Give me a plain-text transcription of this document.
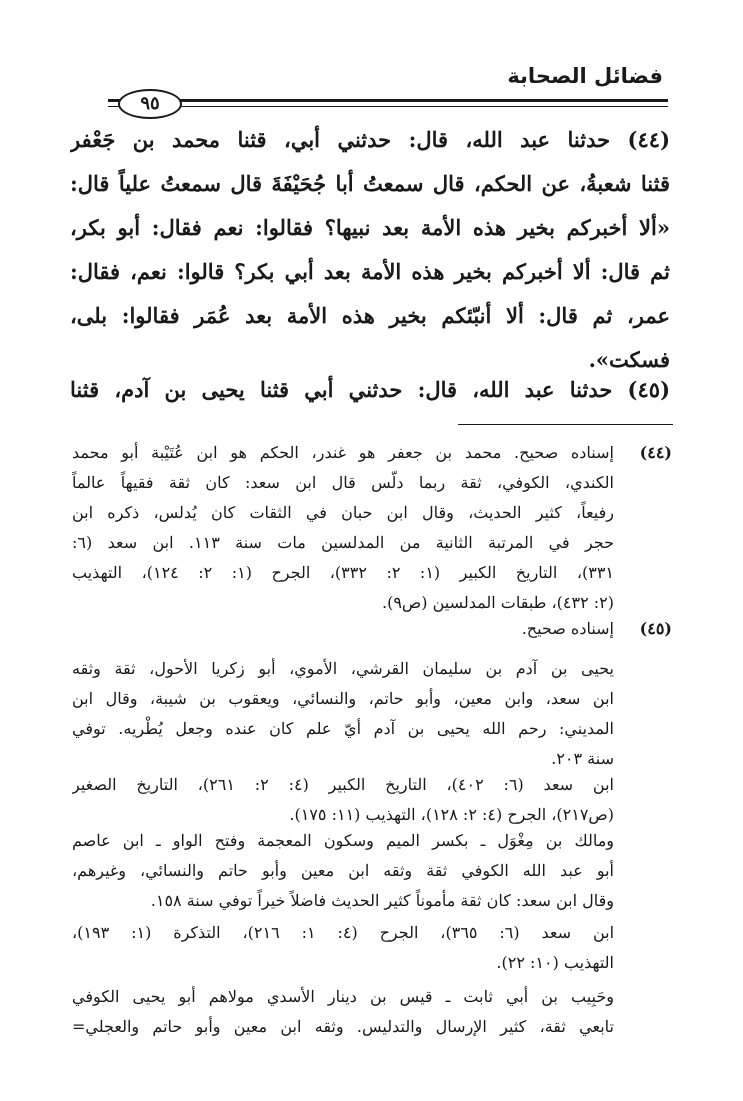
فضائل الصحابة
٩٥
(٤٤) حدثنا عبد الله، قال: حدثني أبي، قثنا محمد بن جَعْفر
قثنا شعبةُ، عن الحكم، قال سمعتُ أبا جُحَيْفَةَ قال سمعتُ علياً قال:
«ألا أخبركم بخير هذه الأمة بعد نبيها؟ فقالوا: نعم فقال: أبو بكر،
ثم قال: ألا أخبركم بخير هذه الأمة بعد أبي بكر؟ قالوا: نعم، فقال:
عمر، ثم قال: ألا أنبّئكم بخير هذه الأمة بعد عُمَر فقالوا: بلى،
فسكت».
(٤٥) حدثنا عبد الله، قال: حدثني أبي قثنا يحيى بن آدم، قثنا
(٤٤)
إسناده صحيح. محمد بن جعفر هو غندر، الحكم هو ابن عُتَيْبة أبو محمد
الكندي، الكوفي، ثقة ربما دلّس قال ابن سعد: كان ثقة فقيهاً عالماً
رفيعاً، كثير الحديث، وقال ابن حبان في الثقات كان يُدلس، ذكره ابن
حجر في المرتبة الثانية من المدلسين مات سنة ١١٣. ابن سعد (٦:
٣٣١)، التاريخ الكبير (١: ٢: ٣٣٢)، الجرح (١: ٢: ١٢٤)، التهذيب
(٢: ٤٣٢)، طبقات المدلسين (ص٩).
(٤٥)
إسناده صحيح.
يحيى بن آدم بن سليمان القرشي، الأموي، أبو زكريا الأحول، ثقة وثقه
ابن سعد، وابن معين، وأبو حاتم، والنسائي، ويعقوب بن شيبة، وقال ابن
المديني: رحم الله يحيى بن آدم أيّ علم كان عنده وجعل يُطْريه. توفي
سنة ٢٠٣.
ابن سعد (٦: ٤٠٢)، التاريخ الكبير (٤: ٢: ٢٦١)، التاريخ الصغير
(ص٢١٧)، الجرح (٤: ٢: ١٢٨)، التهذيب (١١: ١٧٥).
ومالك بن مِغْوَل ـ بكسر الميم وسكون المعجمة وفتح الواو ـ ابن عاصم
أبو عبد الله الكوفي ثقة وثقه ابن معين وأبو حاتم والنسائي، وغيرهم،
وقال ابن سعد: كان ثقة مأموناً كثير الحديث فاضلاً خيراً توفي سنة ١٥٨.
ابن سعد (٦: ٣٦٥)، الجرح (٤: ١: ٢١٦)، التذكرة (١: ١٩٣)،
التهذيب (١٠: ٢٢).
وحَبِيب بن أبي ثابت ـ قيس بن دينار الأسدي مولاهم أبو يحيى الكوفي
تابعي ثقة، كثير الإرسال والتدليس. وثقه ابن معين وأبو حاتم والعجلي=
